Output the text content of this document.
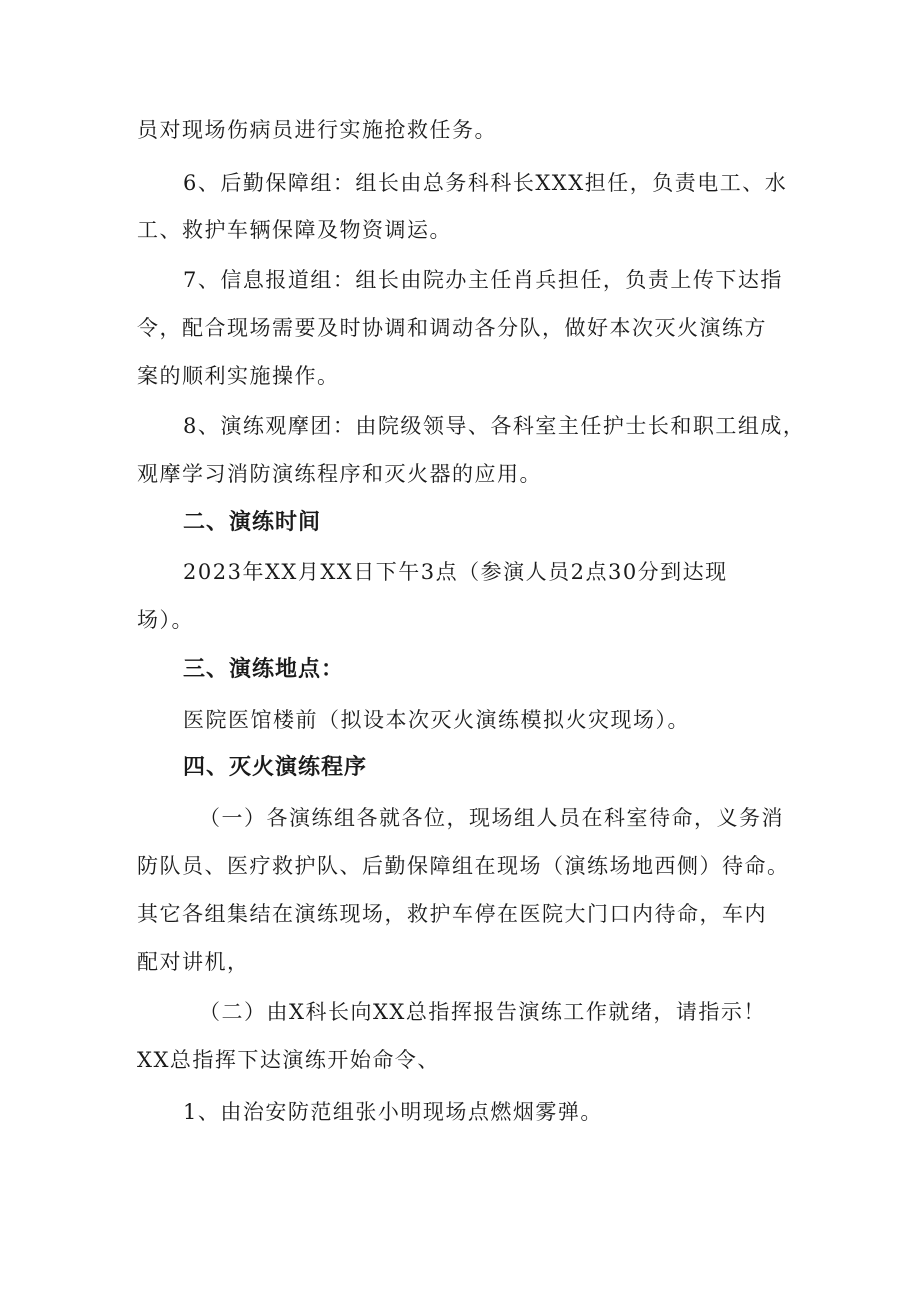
员对现场伤病员进行实施抢救任务。
6、后勤保障组：组长由总务科科长XXX担任，负责电工、水
工、救护车辆保障及物资调运。
7、信息报道组：组长由院办主任肖兵担任，负责上传下达指
令，配合现场需要及时协调和调动各分队，做好本次灭火演练方
案的顺利实施操作。
8、演练观摩团：由院级领导、各科室主任护士长和职工组成，
观摩学习消防演练程序和灭火器的应用。
二、演练时间
2023年XX月XX日下午3点（参演人员2点30分到达现
场）。
三、演练地点：
医院医馆楼前（拟设本次灭火演练模拟火灾现场）。
四、灭火演练程序
（一）各演练组各就各位，现场组人员在科室待命，义务消
防队员、医疗救护队、后勤保障组在现场（演练场地西侧）待命。
其它各组集结在演练现场，救护车停在医院大门口内待命，车内
配对讲机，
（二）由X科长向XX总指挥报告演练工作就绪，请指示！
XX总指挥下达演练开始命令、
1、由治安防范组张小明现场点燃烟雾弹。
